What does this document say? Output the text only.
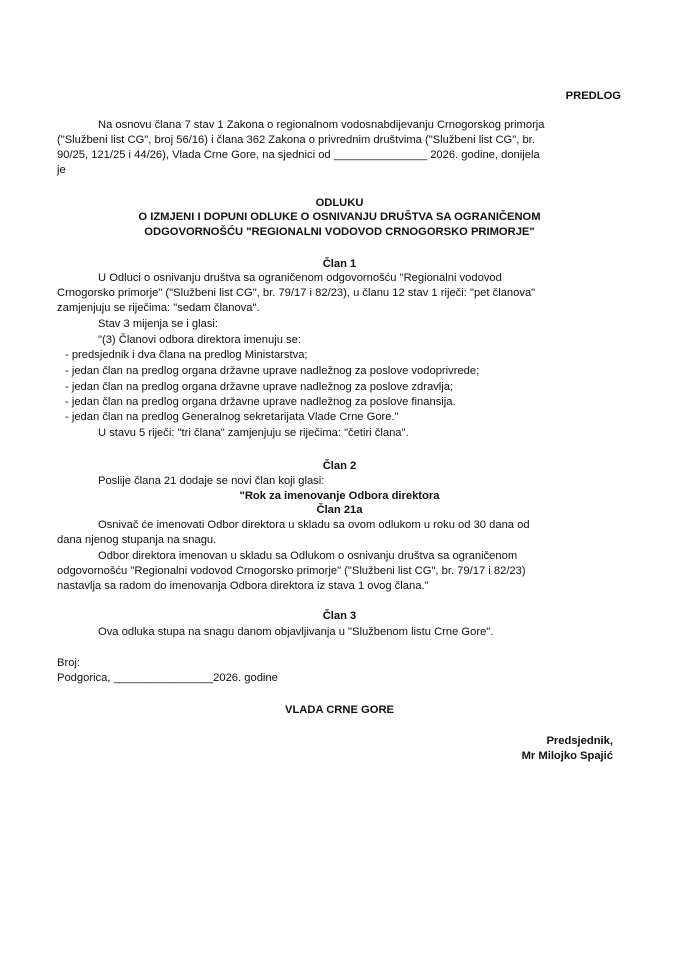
PREDLOG
Na osnovu člana 7 stav 1 Zakona o regionalnom vodosnabdijevanju Crnogorskog primorja
("Službeni list CG", broj 56/16) i člana 362 Zakona o privrednim društvima ("Službeni list CG", br.
90/25, 121/25 i 44/26), Vlada Crne Gore, na sjednici od _______________ 2026. godine, donijela
je
ODLUKU
O IZMJENI I DOPUNI ODLUKE O OSNIVANJU DRUŠTVA SA OGRANIČENOM
ODGOVORNOŠĆU "REGIONALNI VODOVOD CRNOGORSKO PRIMORJE"
Član 1
U Odluci o osnivanju društva sa ograničenom odgovornošću "Regionalni vodovod
Crnogorsko primorje" ("Službeni list CG", br. 79/17 i 82/23), u članu 12 stav 1 riječi: "pet članova"
zamjenjuju se riječima: "sedam članova".
Stav 3 mijenja se i glasi:
"(3) Članovi odbora direktora imenuju se:
- predsjednik i dva člana na predlog Ministarstva;
- jedan član na predlog organa državne uprave nadležnog za poslove vodoprivrede;
- jedan član na predlog organa državne uprave nadležnog za poslove zdravlja;
- jedan član na predlog organa državne uprave nadležnog za poslove finansija.
- jedan član na predlog Generalnog sekretarijata Vlade Crne Gore."
U stavu 5 riječi: "tri člana" zamjenjuju se riječima: "četiri člana".
Član 2
Poslije člana 21 dodaje se novi član koji glasi:
"Rok za imenovanje Odbora direktora
Član 21a
Osnivač će imenovati Odbor direktora u skladu sa ovom odlukom u roku od 30 dana od
dana njenog stupanja na snagu.
Odbor direktora imenovan u skladu sa Odlukom o osnivanju društva sa ograničenom
odgovornošću "Regionalni vodovod Crnogorsko primorje" ("Službeni list CG", br. 79/17 i 82/23)
nastavlja sa radom do imenovanja Odbora direktora iz stava 1 ovog člana."
Član 3
Ova odluka stupa na snagu danom objavljivanja u "Službenom listu Crne Gore".
Broj:
Podgorica, ________________2026. godine
VLADA CRNE GORE
Predsjednik,
Mr Milojko Spajić
